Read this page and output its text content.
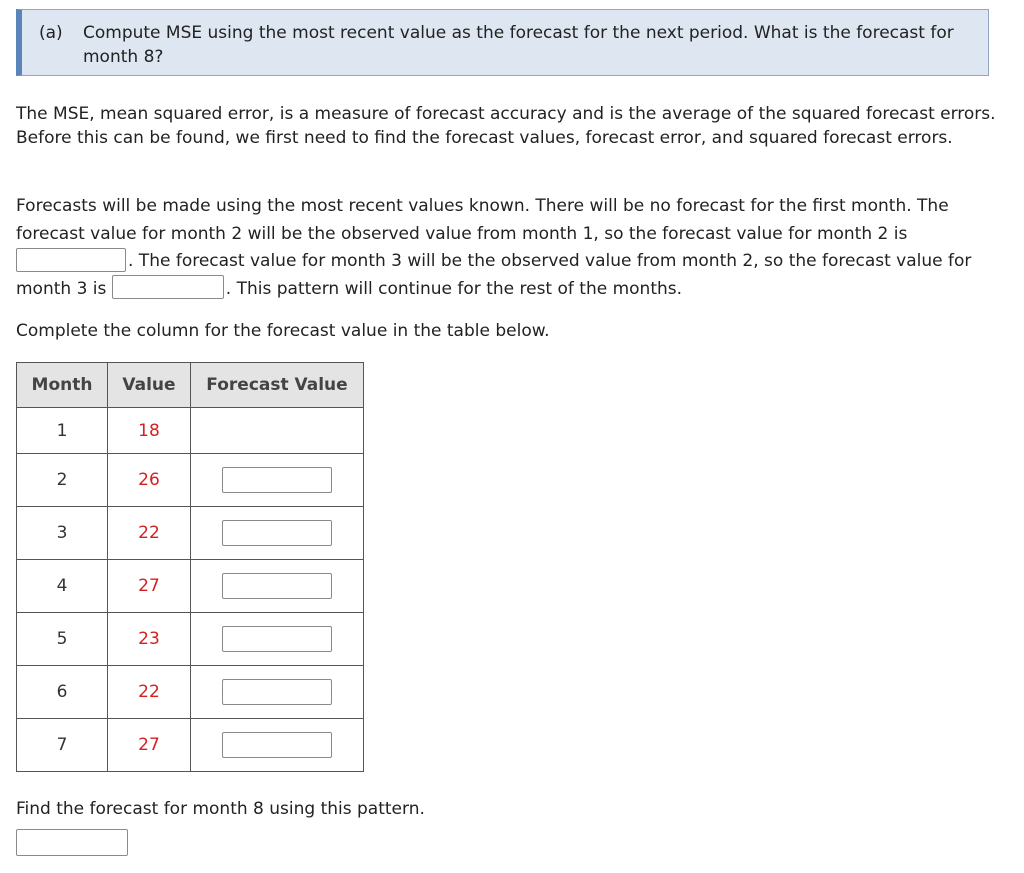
(a) Compute MSE using the most recent value as the forecast for the next period. What is the forecast for month 8?

The MSE, mean squared error, is a measure of forecast accuracy and is the average of the squared forecast errors. Before this can be found, we first need to find the forecast values, forecast error, and squared forecast errors.

Forecasts will be made using the most recent values known. There will be no forecast for the first month. The forecast value for month 2 will be the observed value from month 1, so the forecast value for month 2 is . The forecast value for month 3 will be the observed value from month 2, so the forecast value for month 3 is	. This pattern will continue for the rest of the months.

Complete the column for the forecast value in the table below.

Month	Value	Forecast Value
1	18	
2	26	
3	22	
4	27	
5	23	
6	22	
7	27	

Find the forecast for month 8 using this pattern.
